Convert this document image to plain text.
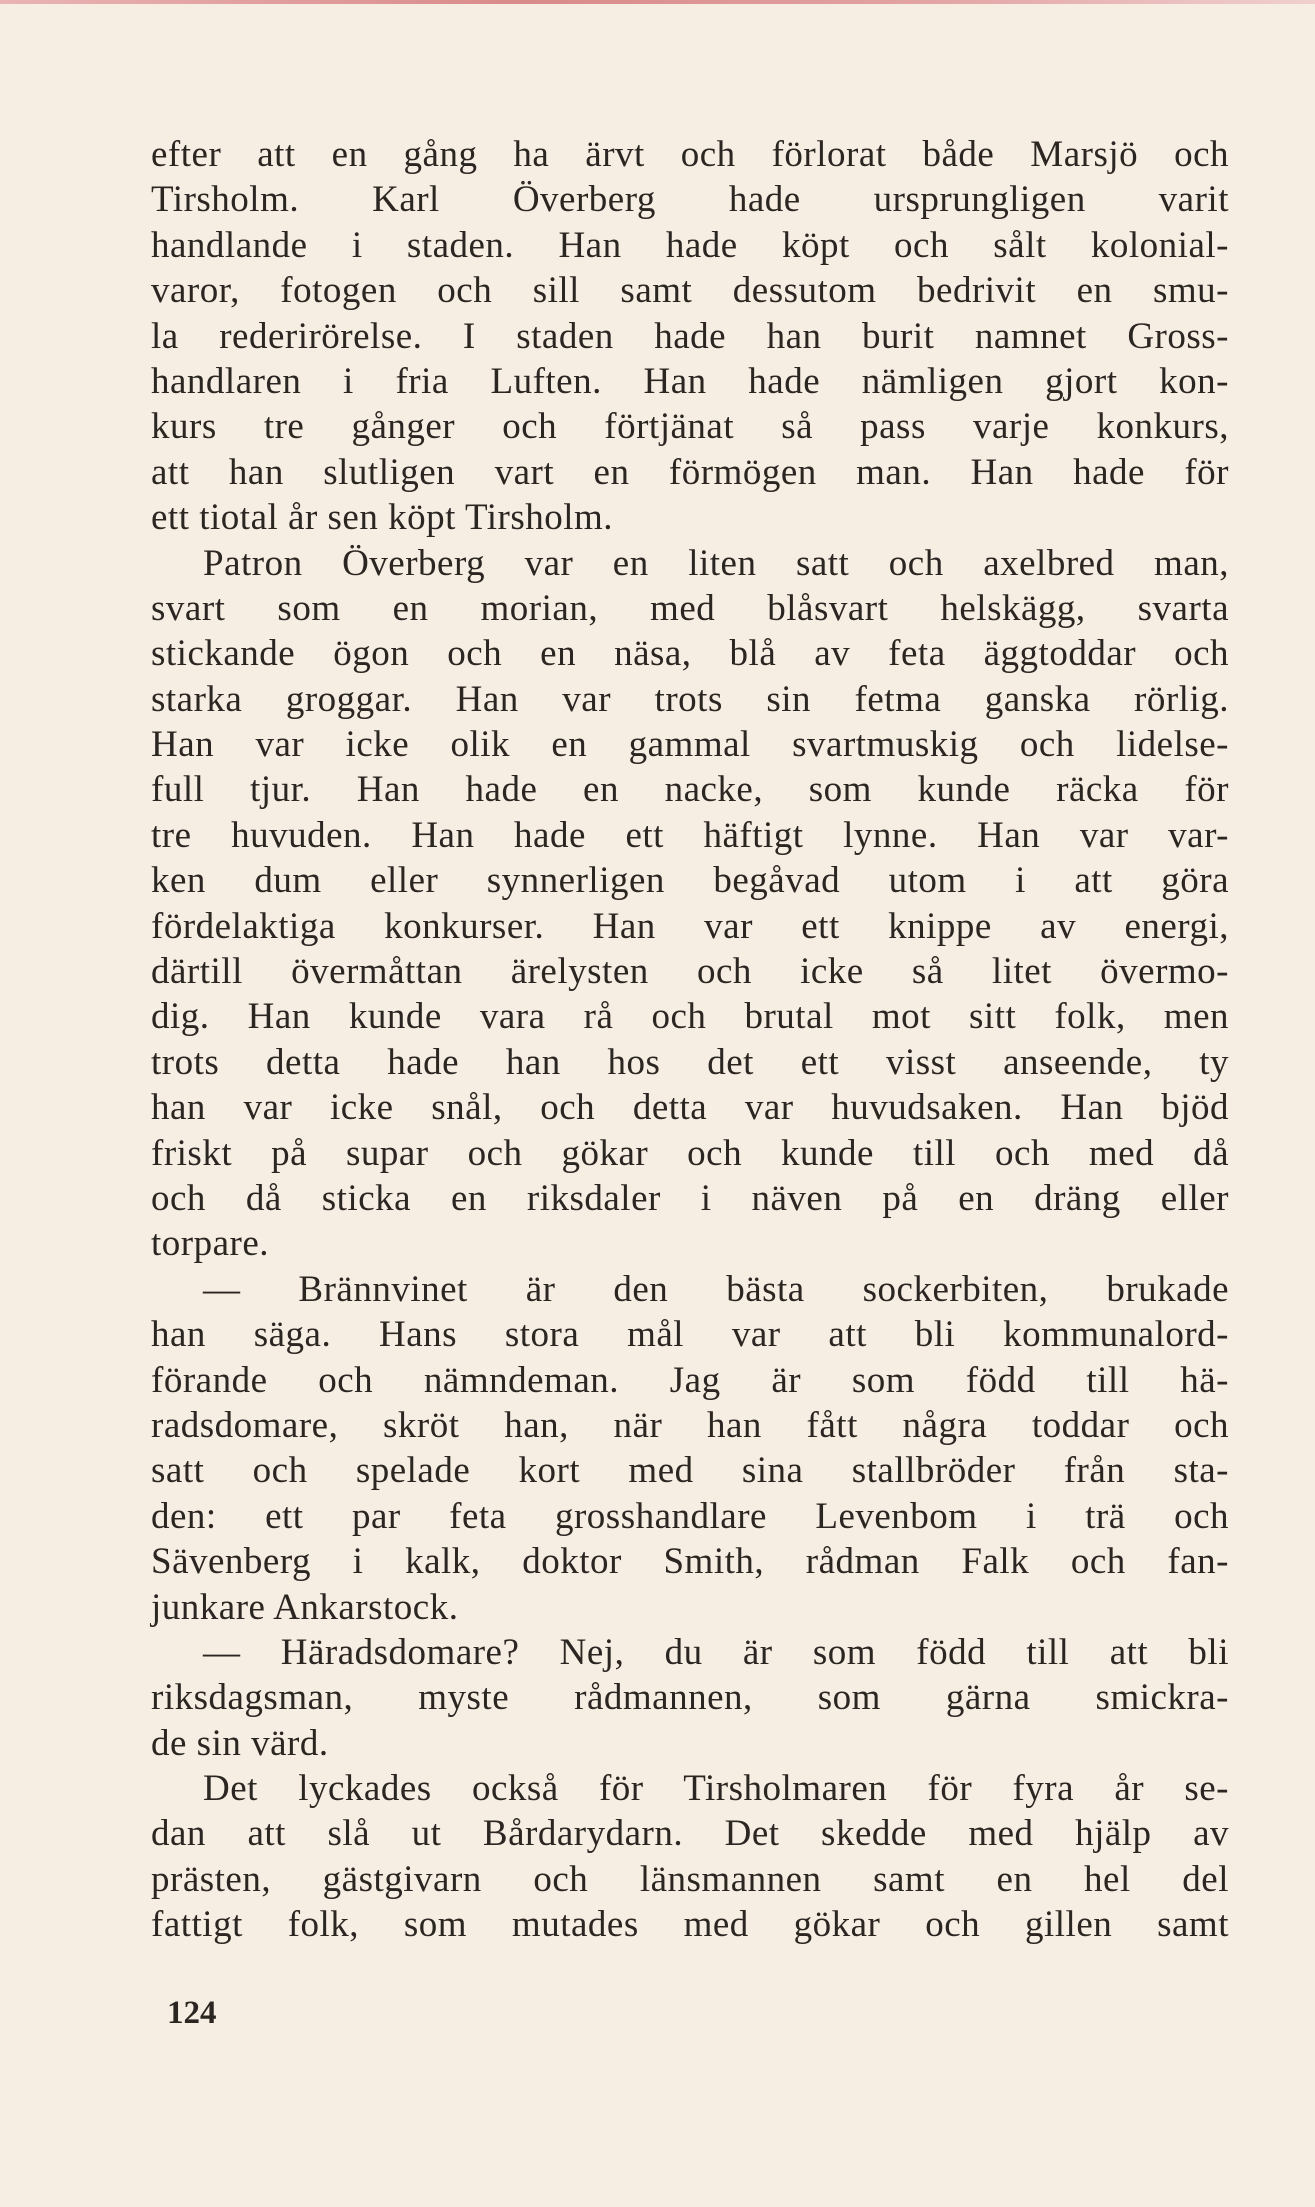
efter att en gång ha ärvt och förlorat både Marsjö och
Tirsholm. Karl Överberg hade ursprungligen varit
handlande i staden. Han hade köpt och sålt kolonial-
varor, fotogen och sill samt dessutom bedrivit en smu-
la rederirörelse. I staden hade han burit namnet Gross-
handlaren i fria Luften. Han hade nämligen gjort kon-
kurs tre gånger och förtjänat så pass varje konkurs,
att han slutligen vart en förmögen man. Han hade för
ett tiotal år sen köpt Tirsholm.
Patron Överberg var en liten satt och axelbred man,
svart som en morian, med blåsvart helskägg, svarta
stickande ögon och en näsa, blå av feta äggtoddar och
starka groggar. Han var trots sin fetma ganska rörlig.
Han var icke olik en gammal svartmuskig och lidelse-
full tjur. Han hade en nacke, som kunde räcka för
tre huvuden. Han hade ett häftigt lynne. Han var var-
ken dum eller synnerligen begåvad utom i att göra
fördelaktiga konkurser. Han var ett knippe av energi,
därtill övermåttan ärelysten och icke så litet övermo-
dig. Han kunde vara rå och brutal mot sitt folk, men
trots detta hade han hos det ett visst anseende, ty
han var icke snål, och detta var huvudsaken. Han bjöd
friskt på supar och gökar och kunde till och med då
och då sticka en riksdaler i näven på en dräng eller
torpare.
— Brännvinet är den bästa sockerbiten, brukade
han säga. Hans stora mål var att bli kommunalord-
förande och nämndeman. Jag är som född till hä-
radsdomare, skröt han, när han fått några toddar och
satt och spelade kort med sina stallbröder från sta-
den: ett par feta grosshandlare Levenbom i trä och
Sävenberg i kalk, doktor Smith, rådman Falk och fan-
junkare Ankarstock.
— Häradsdomare? Nej, du är som född till att bli
riksdagsman, myste rådmannen, som gärna smickra-
de sin värd.
Det lyckades också för Tirsholmaren för fyra år se-
dan att slå ut Bårdarydarn. Det skedde med hjälp av
prästen, gästgivarn och länsmannen samt en hel del
fattigt folk, som mutades med gökar och gillen samt
124
